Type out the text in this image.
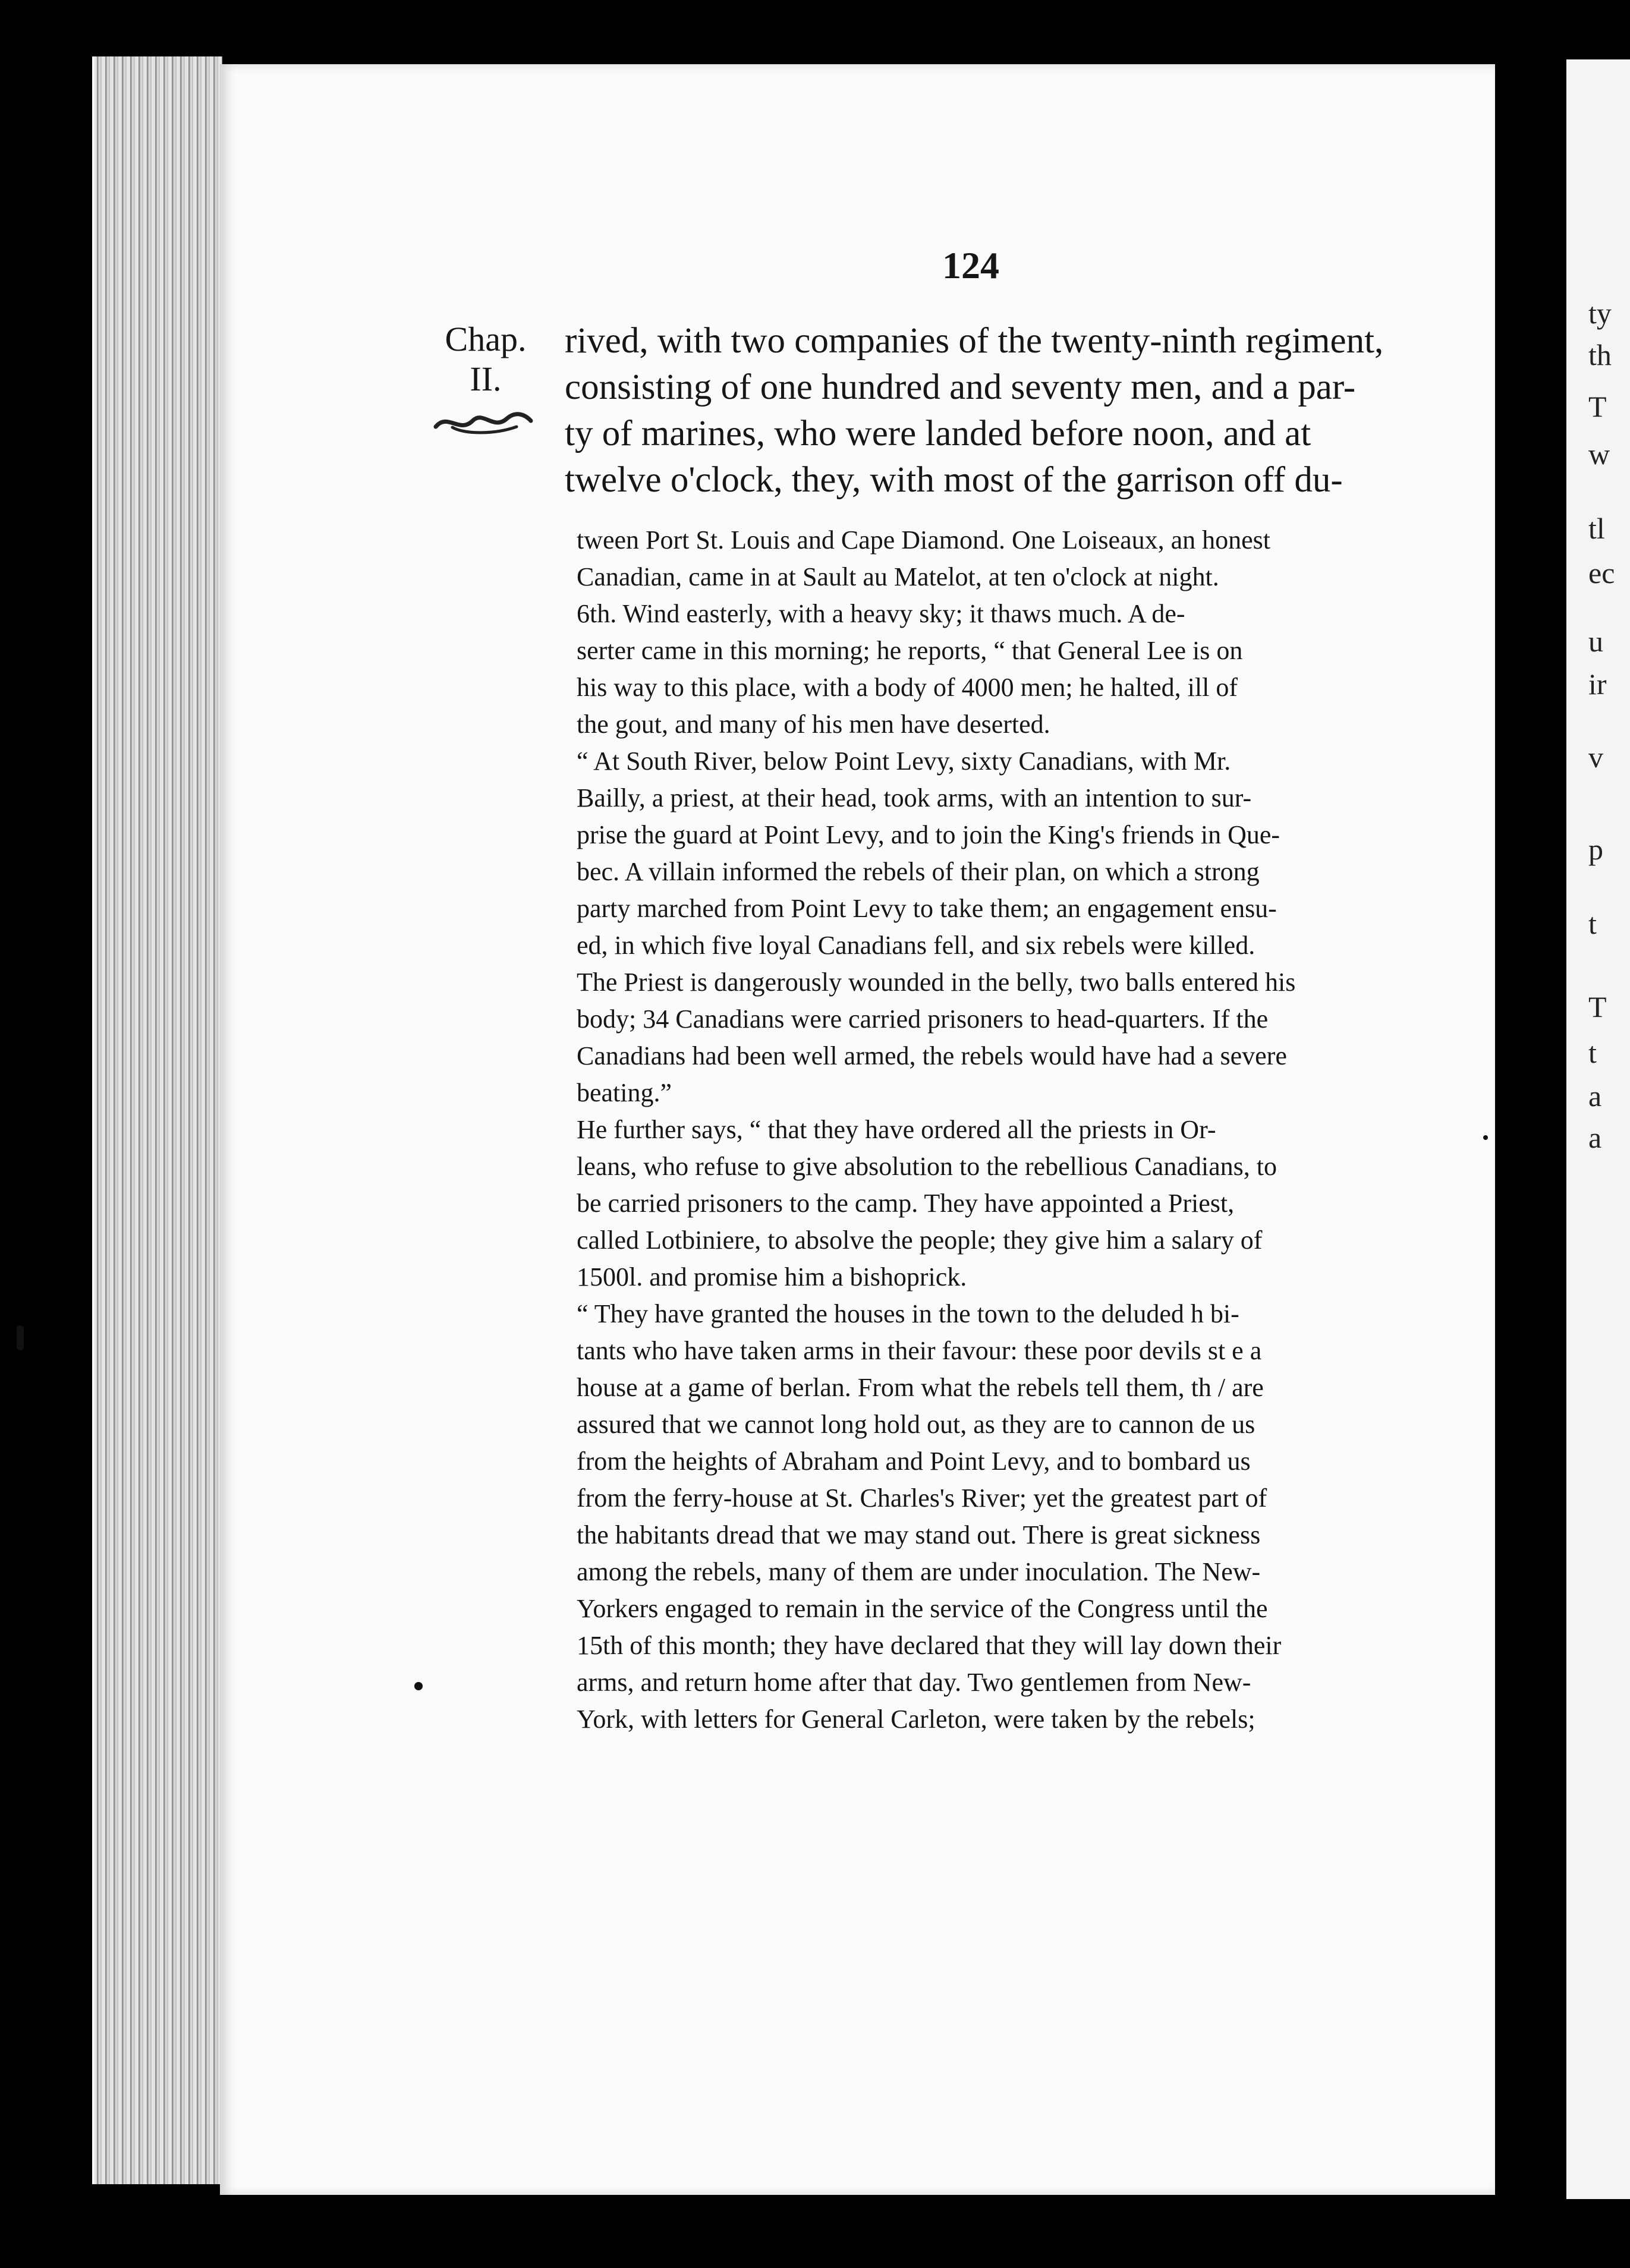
ty
th
T
w
tl
ec
u
ir
v
p
t
T
t
a
a
124
Chap.
II.
rived, with two companies of the twenty-ninth regiment,
consisting of one hundred and seventy men, and a par-
ty of marines, who were landed before noon, and at
twelve o'clock, they, with most of the garrison off du-
tween Port St. Louis and Cape Diamond. One Loiseaux, an honest
Canadian, came in at Sault au Matelot, at ten o'clock at night.
6th. Wind easterly, with a heavy sky; it thaws much. A de-
serter came in this morning; he reports, “ that General Lee is on
his way to this place, with a body of 4000 men; he halted, ill of
the gout, and many of his men have deserted.
“ At South River, below Point Levy, sixty Canadians, with Mr.
Bailly, a priest, at their head, took arms, with an intention to sur-
prise the guard at Point Levy, and to join the King's friends in Que-
bec. A villain informed the rebels of their plan, on which a strong
party marched from Point Levy to take them; an engagement ensu-
ed, in which five loyal Canadians fell, and six rebels were killed.
The Priest is dangerously wounded in the belly, two balls entered his
body; 34 Canadians were carried prisoners to head-quarters. If the
Canadians had been well armed, the rebels would have had a severe
beating.”
He further says, “ that they have ordered all the priests in Or-
leans, who refuse to give absolution to the rebellious Canadians, to
be carried prisoners to the camp. They have appointed a Priest,
called Lotbiniere, to absolve the people; they give him a salary of
1500l. and promise him a bishoprick.
“ They have granted the houses in the town to the deluded h bi-
tants who have taken arms in their favour: these poor devils st e a
house at a game of berlan. From what the rebels tell them, th / are
assured that we cannot long hold out, as they are to cannon de us
from the heights of Abraham and Point Levy, and to bombard us
from the ferry-house at St. Charles's River; yet the greatest part of
the habitants dread that we may stand out. There is great sickness
among the rebels, many of them are under inoculation. The New-
Yorkers engaged to remain in the service of the Congress until the
15th of this month; they have declared that they will lay down their
arms, and return home after that day. Two gentlemen from New-
York, with letters for General Carleton, were taken by the rebels;
